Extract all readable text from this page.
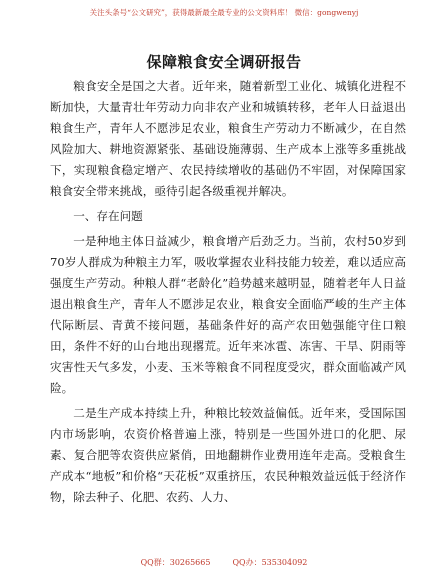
关注头条号“公文研究”，获得最新最全最专业的公文资料库！ 微信：gongwenyj
保障粮食安全调研报告

粮食安全是国之大者。近年来，随着新型工业化、城镇化进程不断加快，大量青壮年劳动力向非农产业和城镇转移，老年人日益退出粮食生产，青年人不愿涉足农业，粮食生产劳动力不断减少，在自然风险加大、耕地资源紧张、基础设施薄弱、生产成本上涨等多重挑战下，实现粮食稳定增产、农民持续增收的基础仍不牢固，对保障国家粮食安全带来挑战，亟待引起各级重视并解决。

一、存在问题

一是种地主体日益减少，粮食增产后劲乏力。当前，农村50岁到70岁人群成为种粮主力军，吸收掌握农业科技能力较差，难以适应高强度生产劳动。种粮人群“老龄化”趋势越来越明显，随着老年人日益退出粮食生产，青年人不愿涉足农业，粮食安全面临严峻的生产主体代际断层、青黄不接问题，基础条件好的高产农田勉强能守住口粮田，条件不好的山台地出现撂荒。近年来冰雹、冻害、干旱、阴雨等灾害性天气多发，小麦、玉米等粮食不同程度受灾，群众面临减产风险。

二是生产成本持续上升，种粮比较效益偏低。近年来，受国际国内市场影响，农资价格普遍上涨，特别是一些国外进口的化肥、尿素、复合肥等农资供应紧俏，田地翻耕作业费用连年走高。受粮食生产成本“地板”和价格“天花板”双重挤压，农民种粮效益远低于经济作物，除去种子、化肥、农药、人力、

QQ群：30265665	QQ办：535304092
